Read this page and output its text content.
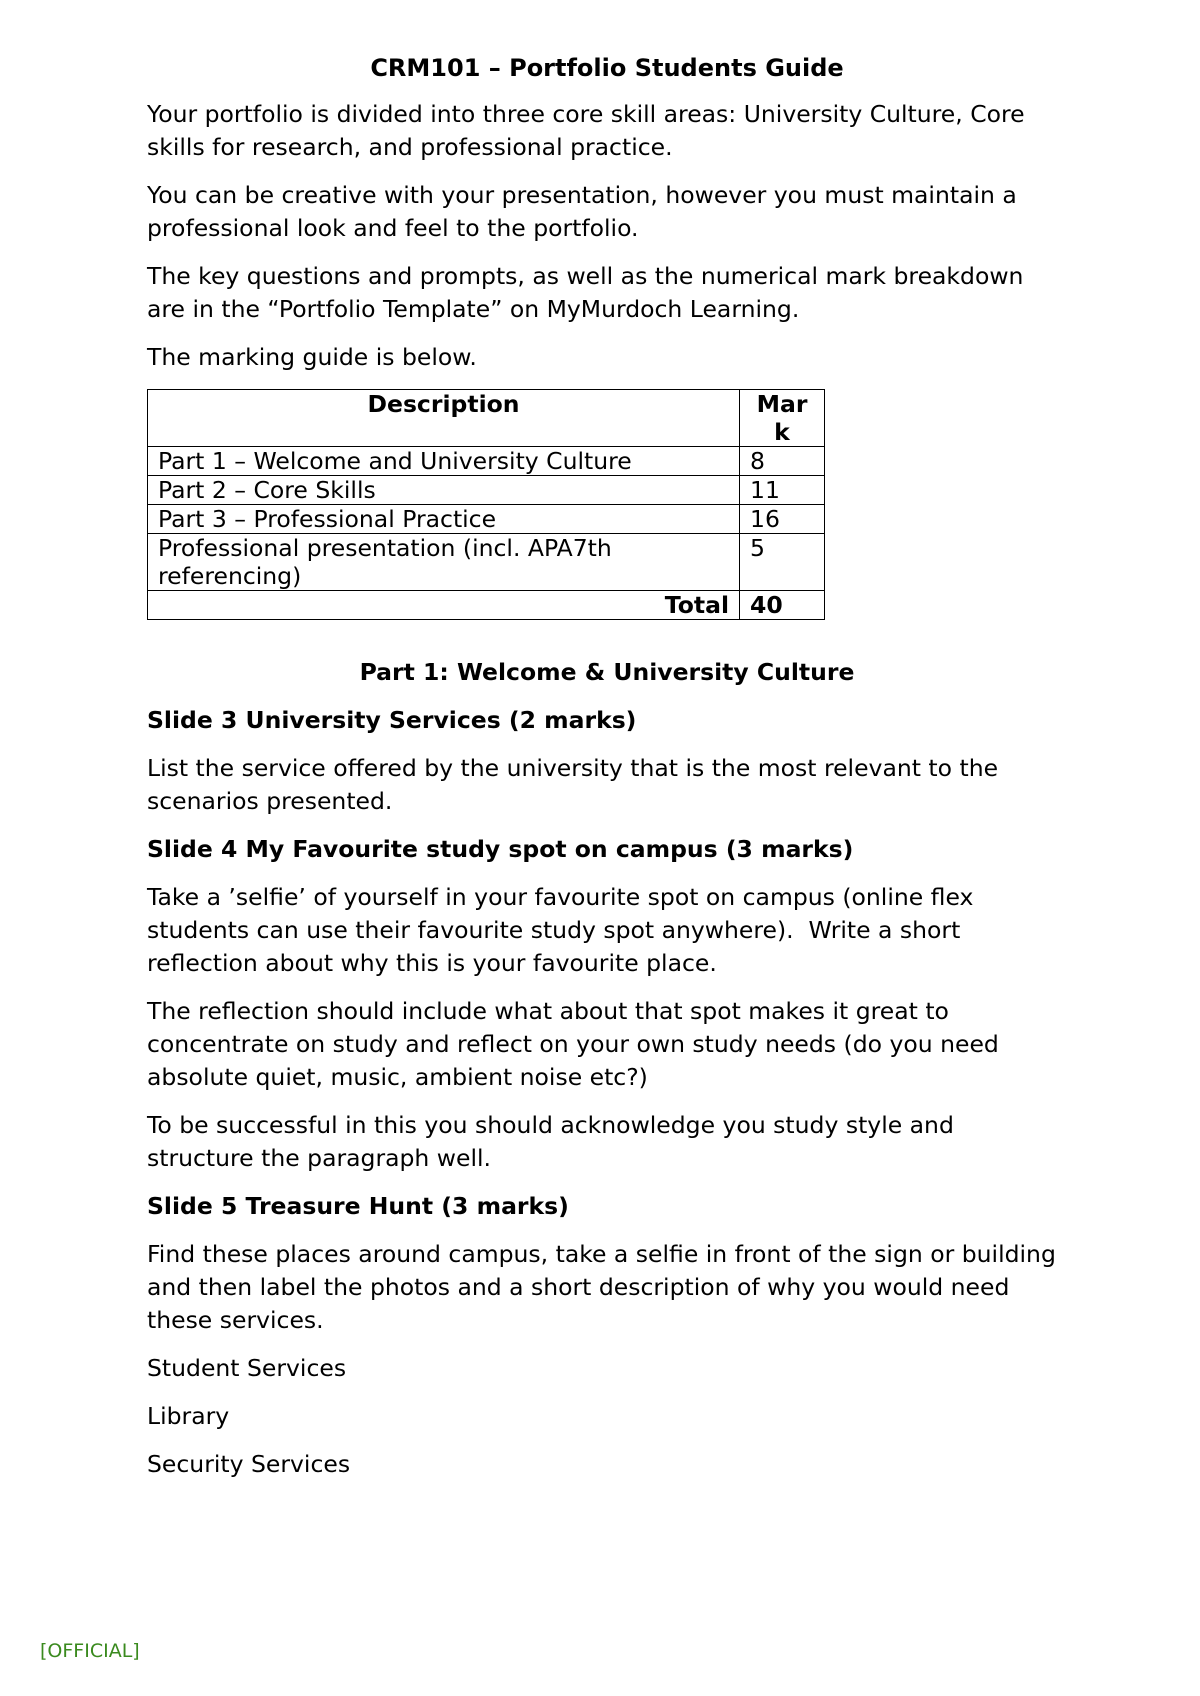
CRM101 – Portfolio Students Guide

Your portfolio is divided into three core skill areas: University Culture, Core skills for research, and professional practice.

You can be creative with your presentation, however you must maintain a professional look and feel to the portfolio.

The key questions and prompts, as well as the numerical mark breakdown are in the “Portfolio Template” on MyMurdoch Learning.

The marking guide is below.

Description	Mar k
Part 1 – Welcome and University Culture	8
Part 2 – Core Skills	11
Part 3 – Professional Practice	16
Professional presentation (incl. APA7th referencing)	5
Total	40

Part 1: Welcome & University Culture

Slide 3 University Services (2 marks)

List the service offered by the university that is the most relevant to the scenarios presented.

Slide 4 My Favourite study spot on campus (3 marks)

Take a ’selfie’ of yourself in your favourite spot on campus (online flex students can use their favourite study spot anywhere).  Write a short reflection about why this is your favourite place.

The reflection should include what about that spot makes it great to concentrate on study and reflect on your own study needs (do you need absolute quiet, music, ambient noise etc?)

To be successful in this you should acknowledge you study style and structure the paragraph well.

Slide 5 Treasure Hunt (3 marks)

Find these places around campus, take a selfie in front of the sign or building and then label the photos and a short description of why you would need these services.

Student Services

Library

Security Services

[OFFICIAL]
